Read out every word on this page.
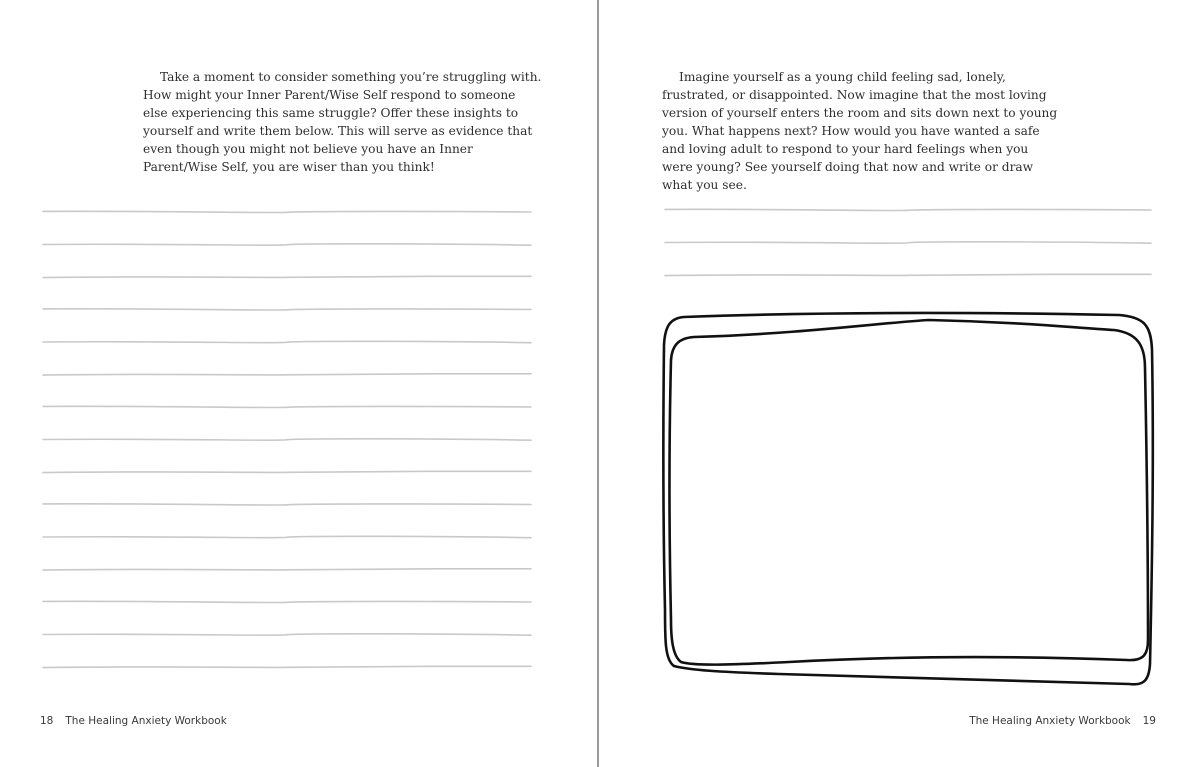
Take a moment to consider something you’re struggling with. How might your Inner Parent/Wise Self respond to someone else experiencing this same struggle? Offer these insights to yourself and write them below. This will serve as evidence that even though you might not believe you have an Inner Parent/Wise Self, you are wiser than you think!

18 The Healing Anxiety Workbook

Imagine yourself as a young child feeling sad, lonely, frustrated, or disappointed. Now imagine that the most loving version of yourself enters the room and sits down next to young you. What happens next? How would you have wanted a safe and loving adult to respond to your hard feelings when you were young? See yourself doing that now and write or draw what you see.

The Healing Anxiety Workbook 19
